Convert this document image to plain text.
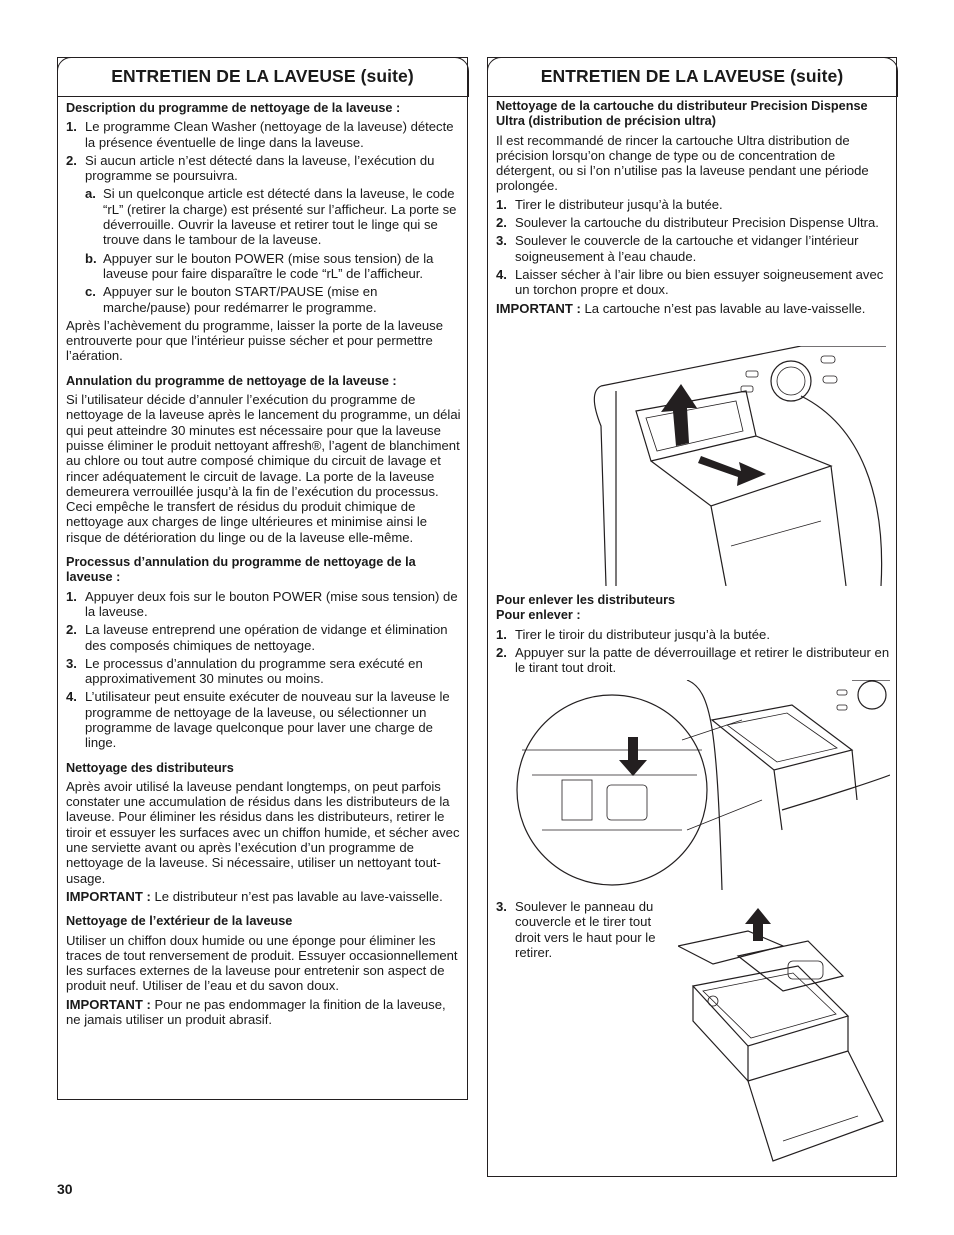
ENTRETIEN DE LA LAVEUSE (suite)

Description du programme de nettoyage de la laveuse :

1. Le programme Clean Washer (nettoyage de la laveuse) détecte la présence éventuelle de linge dans la laveuse.
2. Si aucun article n’est détecté dans la laveuse, l’exécution du programme se poursuivra.
a. Si un quelconque article est détecté dans la laveuse, le code “rL” (retirer la charge) est présenté sur l’afficheur. La porte se déverrouille. Ouvrir la laveuse et retirer tout le linge qui se trouve dans le tambour de la laveuse.
b. Appuyer sur le bouton POWER (mise sous tension) de la laveuse pour faire disparaître le code “rL” de l’afficheur.
c. Appuyer sur le bouton START/PAUSE (mise en marche/pause) pour redémarrer le programme.

Après l’achèvement du programme, laisser la porte de la laveuse entrouverte pour que l’intérieur puisse sécher et pour permettre l’aération.

Annulation du programme de nettoyage de la laveuse :

Si l’utilisateur décide d’annuler l’exécution du programme de nettoyage de la laveuse après le lancement du programme, un délai qui peut atteindre 30 minutes est nécessaire pour que la laveuse puisse éliminer le produit nettoyant affresh®, l’agent de blanchiment au chlore ou tout autre composé chimique du circuit de lavage et rincer adéquatement le circuit de lavage. La porte de la laveuse demeurera verrouillée jusqu’à la fin de l’exécution du processus. Ceci empêche le transfert de résidus du produit chimique de nettoyage aux charges de linge ultérieures et minimise ainsi le risque de détérioration du linge ou de la laveuse elle-même.

Processus d’annulation du programme de nettoyage de la laveuse :

1. Appuyer deux fois sur le bouton POWER (mise sous tension) de la laveuse.
2. La laveuse entreprend une opération de vidange et élimination des composés chimiques de nettoyage.
3. Le processus d’annulation du programme sera exécuté en approximativement 30 minutes ou moins.
4. L’utilisateur peut ensuite exécuter de nouveau sur la laveuse le programme de nettoyage de la laveuse, ou sélectionner un programme de lavage quelconque pour laver une charge de linge.

Nettoyage des distributeurs

Après avoir utilisé la laveuse pendant longtemps, on peut parfois constater une accumulation de résidus dans les distributeurs de la laveuse. Pour éliminer les résidus dans les distributeurs, retirer le tiroir et essuyer les surfaces avec un chiffon humide, et sécher avec une serviette avant ou après l’exécution d’un programme de nettoyage de la laveuse. Si nécessaire, utiliser un nettoyant tout-usage.

IMPORTANT : Le distributeur n’est pas lavable au lave-vaisselle.

Nettoyage de l’extérieur de la laveuse

Utiliser un chiffon doux humide ou une éponge pour éliminer les traces de tout renversement de produit. Essuyer occasionnellement les surfaces externes de la laveuse pour entretenir son aspect de produit neuf. Utiliser de l’eau et du savon doux.

IMPORTANT : Pour ne pas endommager la finition de la laveuse, ne jamais utiliser un produit abrasif.

ENTRETIEN DE LA LAVEUSE (suite)

Nettoyage de la cartouche du distributeur Precision Dispense Ultra (distribution de précision ultra)

Il est recommandé de rincer la cartouche Ultra distribution de précision lorsqu’on change de type ou de concentration de détergent, ou si l’on n’utilise pas la laveuse pendant une période prolongée.

1. Tirer le distributeur jusqu’à la butée.
2. Soulever la cartouche du distributeur Precision Dispense Ultra.
3. Soulever le couvercle de la cartouche et vidanger l’intérieur soigneusement à l’eau chaude.
4. Laisser sécher à l’air libre ou bien essuyer soigneusement avec un torchon propre et doux.

IMPORTANT : La cartouche n’est pas lavable au lave-vaisselle.

Pour enlever les distributeurs

Pour enlever :

1. Tirer le tiroir du distributeur jusqu’à la butée.
2. Appuyer sur la patte de déverrouillage et retirer le distributeur en le tirant tout droit.
3. Soulever le panneau du couvercle et le tirer tout droit vers le haut pour le retirer.
30
